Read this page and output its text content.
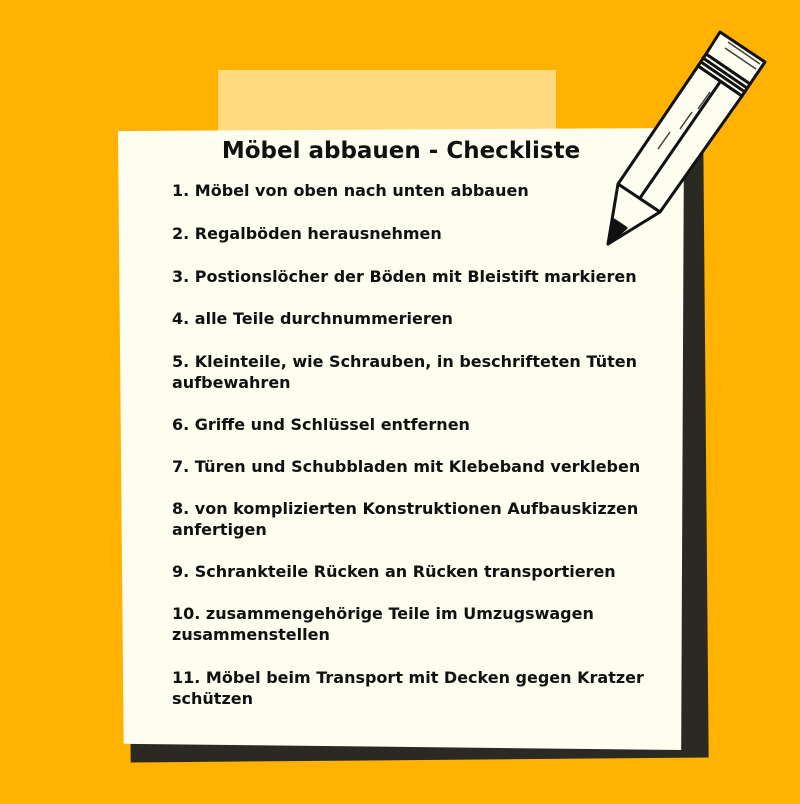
Möbel abbauen - Checkliste
1. Möbel von oben nach unten abbauen
2. Regalböden herausnehmen
3. Postionslöcher der Böden mit Bleistift markieren
4. alle Teile durchnummerieren
5. Kleinteile, wie Schrauben, in beschrifteten Tüten aufbewahren
6. Griffe und Schlüssel entfernen
7. Türen und Schubbladen mit Klebeband verkleben
8. von komplizierten Konstruktionen Aufbauskizzen anfertigen
9. Schrankteile Rücken an Rücken transportieren
10. zusammengehörige Teile im Umzugswagen zusammenstellen
11. Möbel beim Transport mit Decken gegen Kratzer schützen
